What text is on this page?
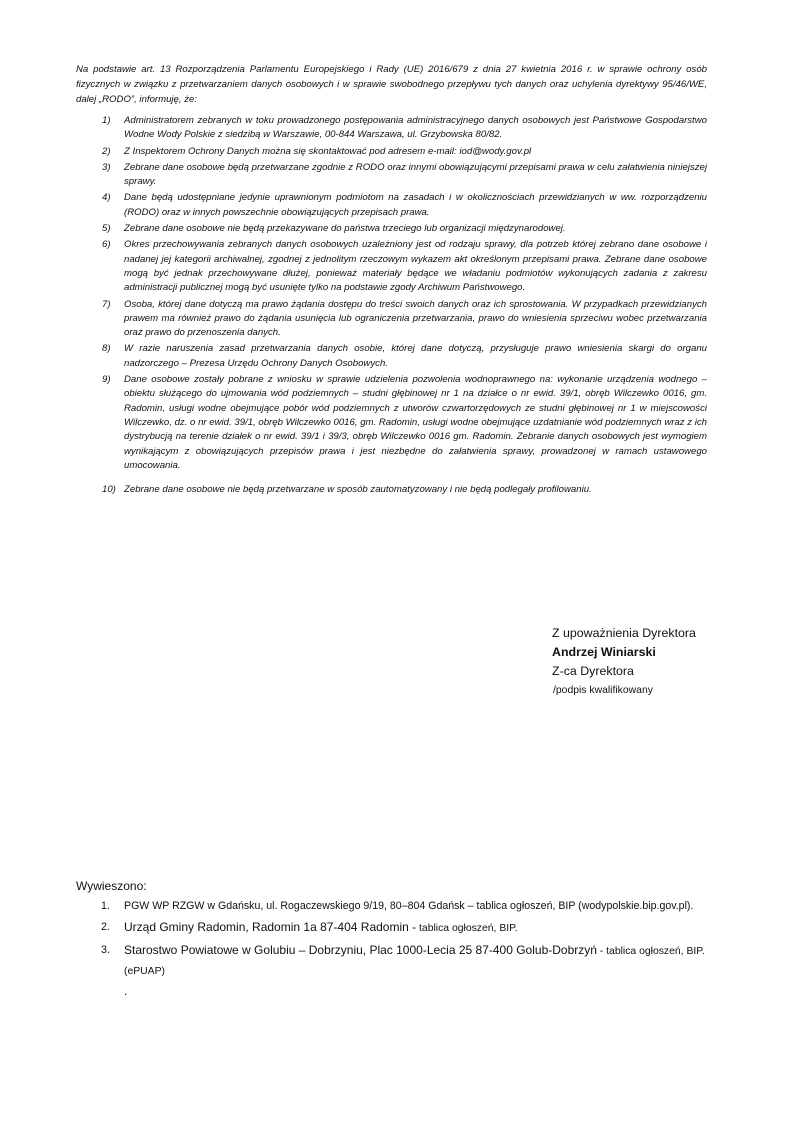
Na podstawie art. 13 Rozporządzenia Parlamentu Europejskiego i Rady (UE) 2016/679 z dnia 27 kwietnia 2016 r. w sprawie ochrony osób fizycznych w związku z przetwarzaniem danych osobowych i w sprawie swobodnego przepływu tych danych oraz uchylenia dyrektywy 95/46/WE, dalej „RODO”, informuję, że:

1)	Administratorem zebranych w toku prowadzonego postępowania administracyjnego danych osobowych jest Państwowe Gospodarstwo Wodne Wody Polskie z siedzibą w Warszawie, 00-844 Warszawa, ul. Grzybowska 80/82.
2)	Z Inspektorem Ochrony Danych można się skontaktować pod adresem e-mail: iod@wody.gov.pl
3)	Zebrane dane osobowe będą przetwarzane zgodnie z RODO oraz innymi obowiązującymi przepisami prawa w celu załatwienia niniejszej sprawy.
4)	Dane będą udostępniane jedynie uprawnionym podmiotom na zasadach i w okolicznościach przewidzianych w ww. rozporządzeniu (RODO) oraz w innych powszechnie obowiązujących przepisach prawa.
5)	Zebrane dane osobowe nie będą przekazywane do państwa trzeciego lub organizacji międzynarodowej.
6)	Okres przechowywania zebranych danych osobowych uzależniony jest od rodzaju sprawy, dla potrzeb której zebrano dane osobowe i nadanej jej kategorii archiwalnej, zgodnej z jednolitym rzeczowym wykazem akt określonym przepisami prawa. Zebrane dane osobowe mogą być jednak przechowywane dłużej, ponieważ materiały będące we władaniu podmiotów wykonujących zadania z zakresu administracji publicznej mogą być usunięte tylko na podstawie zgody Archiwum Państwowego.
7)	Osoba, której dane dotyczą ma prawo żądania dostępu do treści swoich danych oraz ich sprostowania. W przypadkach przewidzianych prawem ma również prawo do żądania usunięcia lub ograniczenia przetwarzania, prawo do wniesienia sprzeciwu wobec przetwarzania oraz prawo do przenoszenia danych.
8)	W razie naruszenia zasad przetwarzania danych osobie, której dane dotyczą, przysługuje prawo wniesienia skargi do organu nadzorczego – Prezesa Urzędu Ochrony Danych Osobowych.
9)	Dane osobowe zostały pobrane z wniosku w sprawie udzielenia pozwolenia wodnoprawnego na: wykonanie urządzenia wodnego – obiektu służącego do ujmowania wód podziemnych – studni głębinowej nr 1 na działce o nr ewid. 39/1, obręb Wilczewko 0016, gm. Radomin, usługi wodne obejmujące pobór wód podziemnych z utworów czwartorzędowych ze studni głębinowej nr 1 w miejscowości Wilczewko, dz. o nr ewid. 39/1, obręb Wilczewko 0016, gm. Radomin, usługi wodne obejmujące uzdatnianie wód podziemnych wraz z ich dystrybucją na terenie działek o nr ewid. 39/1 i 39/3, obręb Wilczewko 0016 gm. Radomin. Zebranie danych osobowych jest wymogiem wynikającym z obowiązujących przepisów prawa i jest niezbędne do załatwienia sprawy, prowadzonej w ramach ustawowego umocowania.
10) Zebrane dane osobowe nie będą przetwarzane w sposób zautomatyzowany i nie będą podlegały profilowaniu.
Z upoważnienia Dyrektora
Andrzej Winiarski
Z-ca Dyrektora
/podpis kwalifikowany
Wywieszono:
1.	PGW WP RZGW w Gdańsku, ul. Rogaczewskiego 9/19, 80–804 Gdańsk – tablica ogłoszeń, BIP (wodypolskie.bip.gov.pl).
2.	Urząd Gminy Radomin, Radomin 1a 87-404 Radomin - tablica ogłoszeń, BIP.
3.	Starostwo Powiatowe w Golubiu – Dobrzyniu, Plac 1000-Lecia 25 87-400 Golub-Dobrzyń - tablica ogłoszeń, BIP. (ePUAP)
.
